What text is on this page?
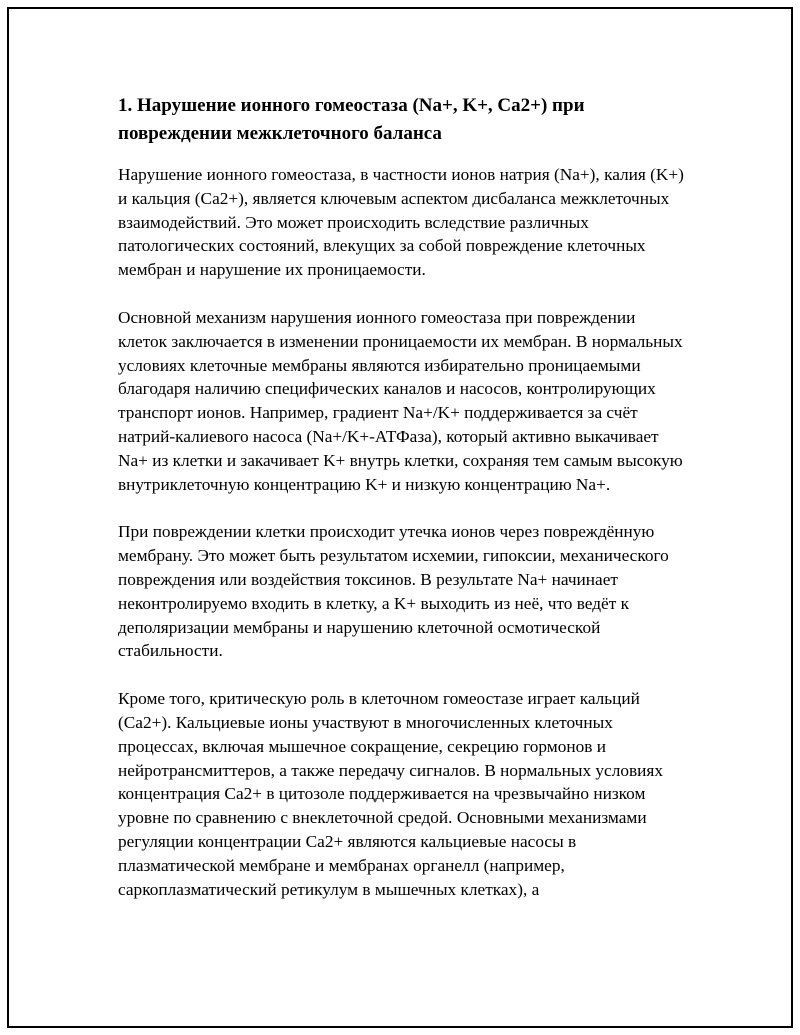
1. Нарушение ионного гомеостаза (Na+, K+, Ca2+) при повреждении межклеточного баланса

Нарушение ионного гомеостаза, в частности ионов натрия (Na+), калия (K+) и кальция (Ca2+), является ключевым аспектом дисбаланса межклеточных взаимодействий. Это может происходить вследствие различных патологических состояний, влекущих за собой повреждение клеточных мембран и нарушение их проницаемости.

Основной механизм нарушения ионного гомеостаза при повреждении клеток заключается в изменении проницаемости их мембран. В нормальных условиях клеточные мембраны являются избирательно проницаемыми благодаря наличию специфических каналов и насосов, контролирующих транспорт ионов. Например, градиент Na+/K+ поддерживается за счёт натрий-калиевого насоса (Na+/K+-АТФаза), который активно выкачивает Na+ из клетки и закачивает K+ внутрь клетки, сохраняя тем самым высокую внутриклеточную концентрацию K+ и низкую концентрацию Na+.

При повреждении клетки происходит утечка ионов через повреждённую мембрану. Это может быть результатом исхемии, гипоксии, механического повреждения или воздействия токсинов. В результате Na+ начинает неконтролируемо входить в клетку, а K+ выходить из неё, что ведёт к деполяризации мембраны и нарушению клеточной осмотической стабильности.

Кроме того, критическую роль в клеточном гомеостазе играет кальций (Ca2+). Кальциевые ионы участвуют в многочисленных клеточных процессах, включая мышечное сокращение, секрецию гормонов и нейротрансмиттеров, а также передачу сигналов. В нормальных условиях концентрация Ca2+ в цитозоле поддерживается на чрезвычайно низком уровне по сравнению с внеклеточной средой. Основными механизмами регуляции концентрации Ca2+ являются кальциевые насосы в плазматической мембране и мембранах органелл (например, саркоплазматический ретикулум в мышечных клетках), а
